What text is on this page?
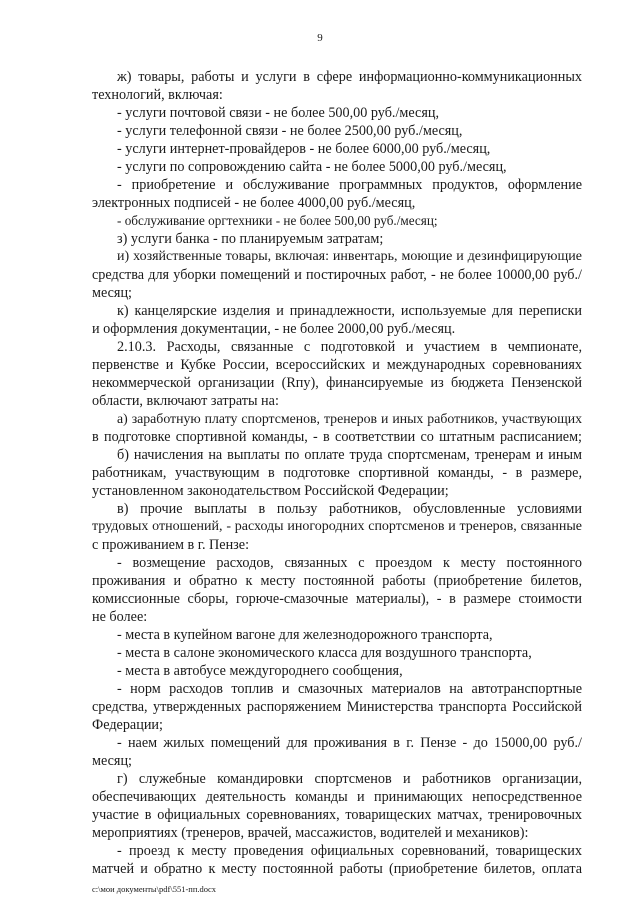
9
ж) товары, работы и услуги в сфере информационно-коммуникационных
технологий, включая:
- услуги почтовой связи - не более 500,00 руб./месяц,
- услуги телефонной связи - не более 2500,00 руб./месяц,
- услуги интернет-провайдеров - не более 6000,00 руб./месяц,
- услуги по сопровождению сайта - не более 5000,00 руб./месяц,
- приобретение и обслуживание программных продуктов, оформление
электронных подписей - не более 4000,00 руб./месяц,
- обслуживание оргтехники - не более 500,00 руб./месяц;
з) услуги банка - по планируемым затратам;
и) хозяйственные товары, включая: инвентарь, моющие и дезинфицирующие
средства для уборки помещений и постирочных работ, - не более 10000,00 руб./
месяц;
к) канцелярские изделия и принадлежности, используемые для переписки
и оформления документации, - не более 2000,00 руб./месяц.
2.10.3. Расходы, связанные с подготовкой и участием в чемпионате,
первенстве и Кубке России, всероссийских и международных соревнованиях
некоммерческой организации (Rпу), финансируемые из бюджета Пензенской
области, включают затраты на:
а) заработную плату спортсменов, тренеров и иных работников, участвующих
в подготовке спортивной команды, - в соответствии со штатным расписанием;
б) начисления на выплаты по оплате труда спортсменам, тренерам и иным
работникам, участвующим в подготовке спортивной команды, - в размере,
установленном законодательством Российской Федерации;
в) прочие выплаты в пользу работников, обусловленные условиями
трудовых отношений, - расходы иногородних спортсменов и тренеров, связанные
с проживанием в г. Пензе:
- возмещение расходов, связанных с проездом к месту постоянного
проживания и обратно к месту постоянной работы (приобретение билетов,
комиссионные сборы, горюче-смазочные материалы), - в размере стоимости
не более:
- места в купейном вагоне для железнодорожного транспорта,
- места в салоне экономического класса для воздушного транспорта,
- места в автобусе междугороднего сообщения,
- норм расходов топлив и смазочных материалов на автотранспортные
средства, утвержденных распоряжением Министерства транспорта Российской
Федерации;
- наем жилых помещений для проживания в г. Пензе - до 15000,00 руб./
месяц;
г) служебные командировки спортсменов и работников организации,
обеспечивающих деятельность команды и принимающих непосредственное
участие в официальных соревнованиях, товарищеских матчах, тренировочных
мероприятиях (тренеров, врачей, массажистов, водителей и механиков):
- проезд к месту проведения официальных соревнований, товарищеских
матчей и обратно к месту постоянной работы (приобретение билетов, оплата
c:\мои документы\pdf\551-пп.docx
